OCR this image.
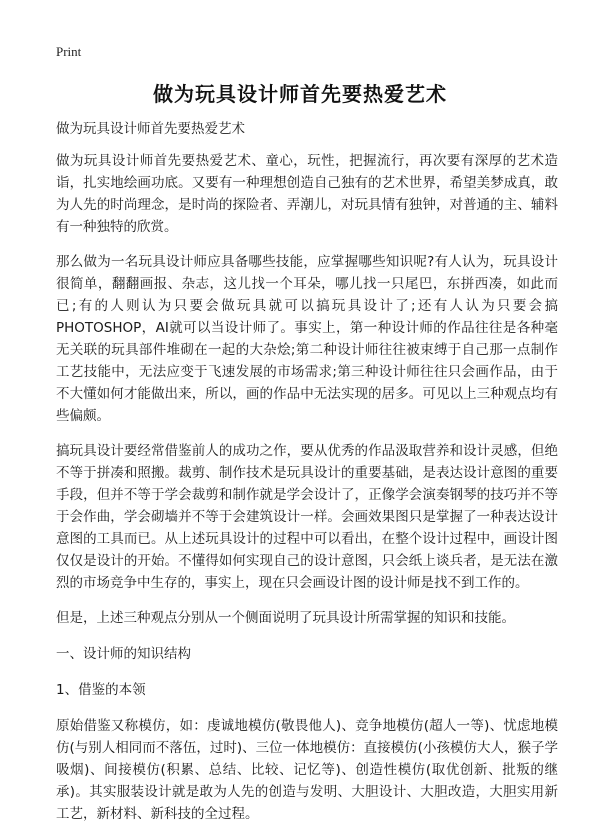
Print
做为玩具设计师首先要热爱艺术

做为玩具设计师首先要热爱艺术

做为玩具设计师首先要热爱艺术、童心，玩性，把握流行，再次要有深厚的艺术造诣，扎实地绘画功底。又要有一种理想创造自己独有的艺术世界，希望美梦成真，敢为人先的时尚理念，是时尚的探险者、弄潮儿，对玩具情有独钟，对普通的主、辅料有一种独特的欣赏。

那么做为一名玩具设计师应具备哪些技能，应掌握哪些知识呢?有人认为，玩具设计很简单，翻翻画报、杂志，这儿找一个耳朵，哪儿找一只尾巴，东拼西凑，如此而已;有的人则认为只要会做玩具就可以搞玩具设计了;还有人认为只要会搞PHOTOSHOP，AI就可以当设计师了。事实上，第一种设计师的作品往往是各种毫无关联的玩具部件堆砌在一起的大杂烩;第二种设计师往往被束缚于自己那一点制作工艺技能中，无法应变于飞速发展的市场需求;第三种设计师往往只会画作品，由于不大懂如何才能做出来，所以，画的作品中无法实现的居多。可见以上三种观点均有些偏颇。

搞玩具设计要经常借鉴前人的成功之作，要从优秀的作品汲取营养和设计灵感，但绝不等于拼凑和照搬。裁剪、制作技术是玩具设计的重要基础，是表达设计意图的重要手段，但并不等于学会裁剪和制作就是学会设计了，正像学会演奏钢琴的技巧并不等于会作曲，学会砌墙并不等于会建筑设计一样。会画效果图只是掌握了一种表达设计意图的工具而已。从上述玩具设计的过程中可以看出，在整个设计过程中，画设计图仅仅是设计的开始。不懂得如何实现自己的设计意图，只会纸上谈兵者，是无法在激烈的市场竞争中生存的，事实上，现在只会画设计图的设计师是找不到工作的。

但是，上述三种观点分别从一个侧面说明了玩具设计所需掌握的知识和技能。

一、设计师的知识结构

1、借鉴的本领

原始借鉴又称模仿，如：虔诚地模仿(敬畏他人)、竞争地模仿(超人一等)、忧虑地模仿(与别人相同而不落伍，过时)、三位一体地模仿：直接模仿(小孩模仿大人，猴子学吸烟)、间接模仿(积累、总结、比较、记忆等)、创造性模仿(取优创新、批叛的继承)。其实服装设计就是敢为人先的创造与发明、大胆设计、大胆改造，大胆实用新工艺，新材料、新科技的全过程。
